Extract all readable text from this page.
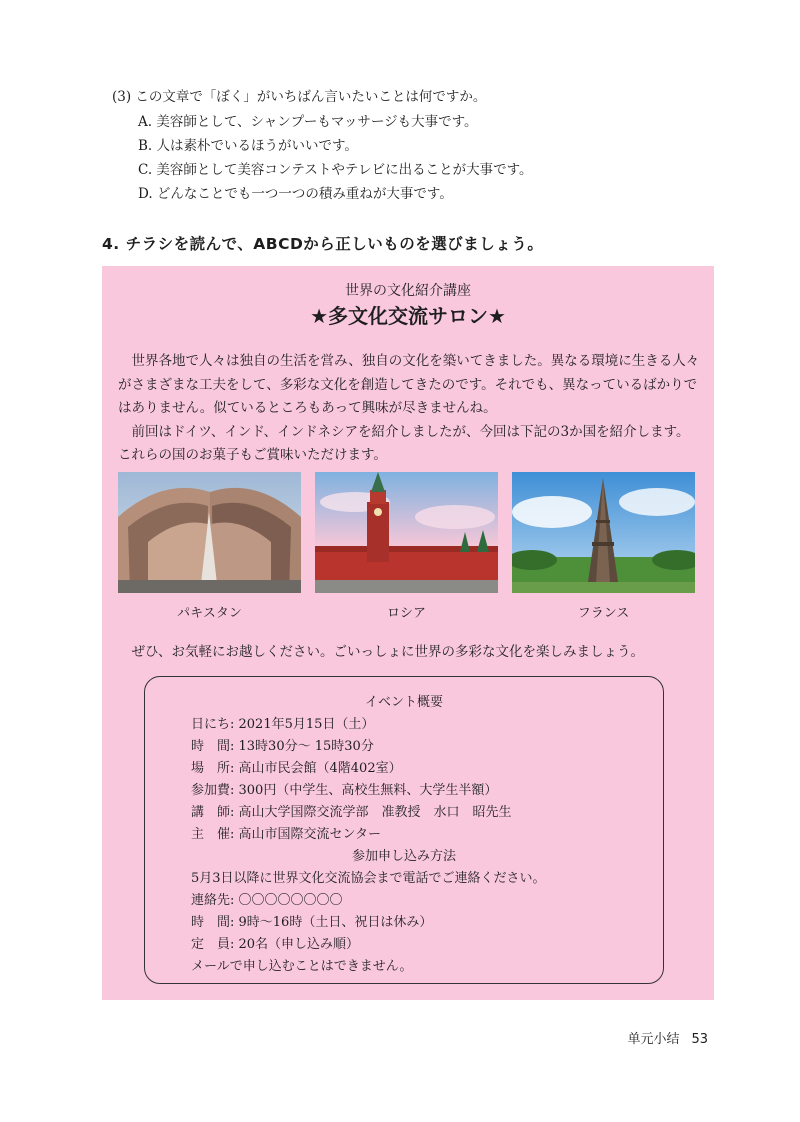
(3) この文章で「ぼく」がいちばん言いたいことは何ですか。
A. 美容師として、シャンプーもマッサージも大事です。
B. 人は素朴でいるほうがいいです。
C. 美容師として美容コンテストやテレビに出ることが大事です。
D. どんなことでも一つ一つの積み重ねが大事です。
4. チラシを読んで、ABCDから正しいものを選びましょう。
世界の文化紹介講座
★多文化交流サロン★

世界各地で人々は独自の生活を営み、独自の文化を築いてきました。異なる環境に生きる人々がさまざまな工夫をして、多彩な文化を創造してきたのです。それでも、異なっているばかりではありません。似ているところもあって興味が尽きませんね。

前回はドイツ、インド、インドネシアを紹介しましたが、今回は下記の3か国を紹介します。これらの国のお菓子もご賞味いただけます。

パキスタン	ロシア	フランス
ぜひ、お気軽にお越しください。ごいっしょに世界の多彩な文化を楽しみましょう。
イベント概要
日にち: 2021年5月15日（土）
時　間: 13時30分～ 15時30分
場　所: 高山市民会館（4階402室）
参加費: 300円（中学生、高校生無料、大学生半額）
講　師: 高山大学国際交流学部　准教授　水口　昭先生
主　催: 高山市国際交流センター
参加申し込み方法
5月3日以降に世界文化交流協会まで電話でご連絡ください。
連絡先: 〇〇〇〇〇〇〇〇
時　間: 9時～16時（土日、祝日は休み）
定　員: 20名（申し込み順）
メールで申し込むことはできません。
单元小结 53
